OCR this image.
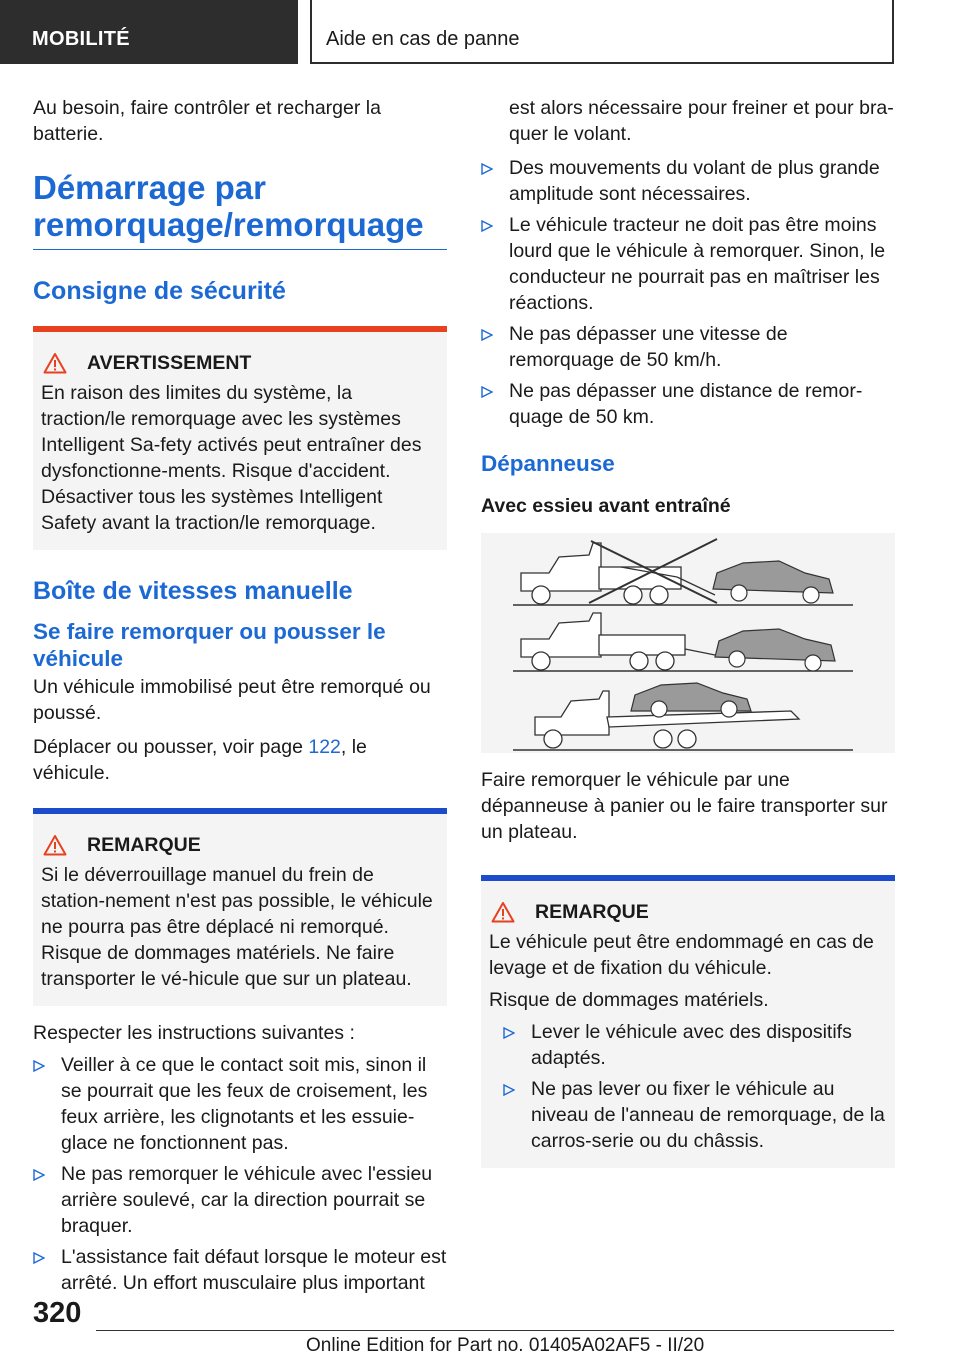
MOBILITÉ	Aide en cas de panne

Au besoin, faire contrôler et recharger la batterie.

Démarrage par
remorquage/remorquage
Consigne de sécurité
AVERTISSEMENT

En raison des limites du système, la traction/le remorquage avec les systèmes Intelligent Sa‐fety activés peut entraîner des dysfonctionne‐ments. Risque d'accident. Désactiver tous les systèmes Intelligent Safety avant la traction/le remorquage.

Boîte de vitesses manuelle
Se faire remorquer ou pousser le véhicule

Un véhicule immobilisé peut être remorqué ou poussé.

Déplacer ou pousser, voir page 122, le véhicule.

REMARQUE

Si le déverrouillage manuel du frein de station‐nement n'est pas possible, le véhicule ne pourra pas être déplacé ni remorqué. Risque de dommages matériels. Ne faire transporter le vé‐hicule que sur un plateau.

Respecter les instructions suivantes :

Veiller à ce que le contact soit mis, sinon il se pourrait que les feux de croisement, les feux arrière, les clignotants et les essuie-glace ne fonctionnent pas.
Ne pas remorquer le véhicule avec l'essieu arrière soulevé, car la direction pourrait se braquer.
L'assistance fait défaut lorsque le moteur est arrêté. Un effort musculaire plus important

est alors nécessaire pour freiner et pour bra‐quer le volant.

Des mouvements du volant de plus grande amplitude sont nécessaires.
Le véhicule tracteur ne doit pas être moins lourd que le véhicule à remorquer. Sinon, le conducteur ne pourrait pas en maîtriser les réactions.
Ne pas dépasser une vitesse de remorquage de 50 km/h.
Ne pas dépasser une distance de remor‐quage de 50 km.
Dépanneuse
Avec essieu avant entraîné

Faire remorquer le véhicule par une dépanneuse à panier ou le faire transporter sur un plateau.

REMARQUE

Le véhicule peut être endommagé en cas de levage et de fixation du véhicule.

Risque de dommages matériels.

Lever le véhicule avec des dispositifs adaptés.
Ne pas lever ou fixer le véhicule au niveau de l'anneau de remorquage, de la carros‐serie ou du châssis.
320
Online Edition for Part no. 01405A02AF5 - II/20
